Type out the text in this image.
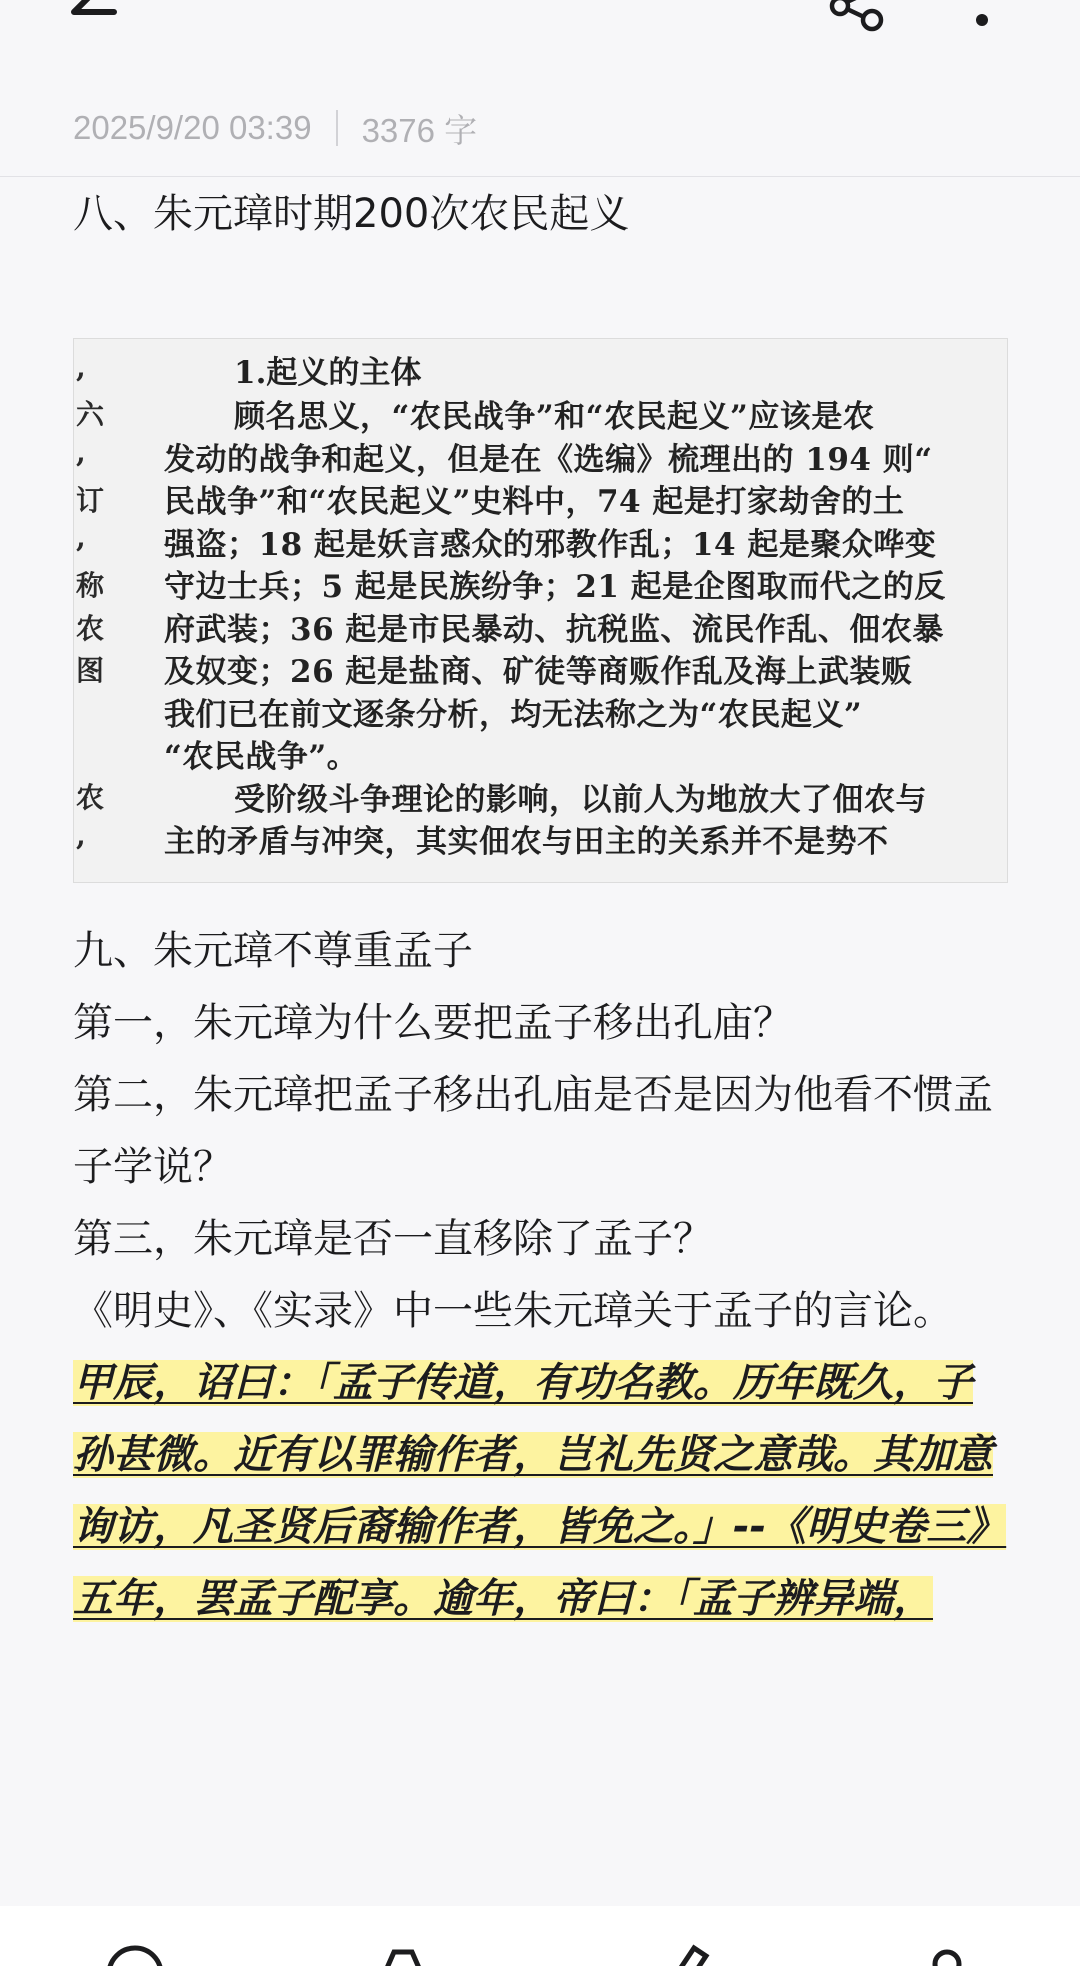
2025/9/20 03:39 3376 字

八、朱元璋时期200次农民起义

,
六
,
订
,
称
农
图
农
,
1.起义的主体
顾名思义，“农民战争”和“农民起义”应该是农
发动的战争和起义，但是在《选编》梳理出的 194 则“
民战争”和“农民起义”史料中，74 起是打家劫舍的土
强盗；18 起是妖言惑众的邪教作乱；14 起是聚众哗变
守边士兵；5 起是民族纷争；21 起是企图取而代之的反
府武装；36 起是市民暴动、抗税监、流民作乱、佃农暴
及奴变；26 起是盐商、矿徒等商贩作乱及海上武装贩
我们已在前文逐条分析，均无法称之为“农民起义”
“农民战争”。
受阶级斗争理论的影响，以前人为地放大了佃农与
主的矛盾与冲突，其实佃农与田主的关系并不是势不

九、朱元璋不尊重孟子

第一，朱元璋为什么要把孟子移出孔庙？

第二，朱元璋把孟子移出孔庙是否是因为他看不惯孟子学说？

第三，朱元璋是否一直移除了孟子？

《明史》、《实录》中一些朱元璋关于孟子的言论。

甲辰，诏曰：「孟子传道，有功名教。历年既久，子孙甚微。近有以罪输作者，岂礼先贤之意哉。其加意询访，凡圣贤后裔输作者，皆免之。」--《明史卷三》

五年，罢孟子配享。逾年，帝曰：「孟子辨异端，
